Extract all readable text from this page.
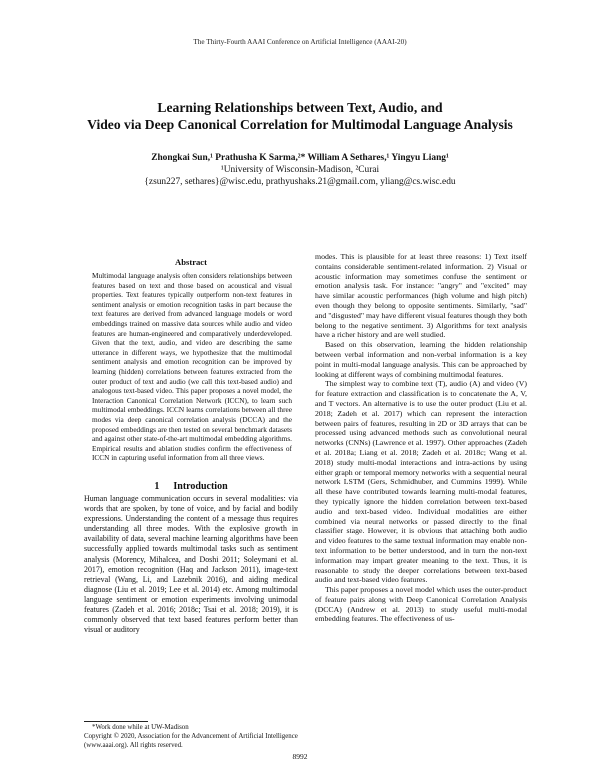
The Thirty-Fourth AAAI Conference on Artificial Intelligence (AAAI-20)

Learning Relationships between Text, Audio, and

Video via Deep Canonical Correlation for Multimodal Language Analysis

Zhongkai Sun,¹ Prathusha K Sarma,²* William A Sethares,¹ Yingyu Liang¹
¹University of Wisconsin-Madison, ²Curai
{zsun227, sethares}@wisc.edu, prathyushaks.21@gmail.com, yliang@cs.wisc.edu
Abstract
Multimodal language analysis often considers relationships between features based on text and those based on acoustical and visual properties. Text features typically outperform non-text features in sentiment analysis or emotion recognition tasks in part because the text features are derived from advanced language models or word embeddings trained on massive data sources while audio and video features are human-engineered and comparatively underdeveloped. Given that the text, audio, and video are describing the same utterance in different ways, we hypothesize that the multimodal sentiment analysis and emotion recognition can be improved by learning (hidden) correlations between features extracted from the outer product of text and audio (we call this text-based audio) and analogous text-based video. This paper proposes a novel model, the Interaction Canonical Correlation Network (ICCN), to learn such multimodal embeddings. ICCN learns correlations between all three modes via deep canonical correlation analysis (DCCA) and the proposed embeddings are then tested on several benchmark datasets and against other state-of-the-art multimodal embedding algorithms. Empirical results and ablation studies confirm the effectiveness of ICCN in capturing useful information from all three views.
1 Introduction
Human language communication occurs in several modalities: via words that are spoken, by tone of voice, and by facial and bodily expressions. Understanding the content of a message thus requires understanding all three modes. With the explosive growth in availability of data, several machine learning algorithms have been successfully applied towards multimodal tasks such as sentiment analysis (Morency, Mihalcea, and Doshi 2011; Soleymani et al. 2017), emotion recognition (Haq and Jackson 2011), image-text retrieval (Wang, Li, and Lazebnik 2016), and aiding medical diagnose (Liu et al. 2019; Lee et al. 2014) etc. Among multimodal language sentiment or emotion experiments involving unimodal features (Zadeh et al. 2016; 2018c; Tsai et al. 2018; 2019), it is commonly observed that text based features perform better than visual or auditory
*Work done while at UW-Madison
Copyright © 2020, Association for the Advancement of Artificial Intelligence (www.aaai.org). All rights reserved.

modes. This is plausible for at least three reasons: 1) Text itself contains considerable sentiment-related information. 2) Visual or acoustic information may sometimes confuse the sentiment or emotion analysis task. For instance: "angry" and "excited" may have similar acoustic performances (high volume and high pitch) even though they belong to opposite sentiments. Similarly, "sad" and "disgusted" may have different visual features though they both belong to the negative sentiment. 3) Algorithms for text analysis have a richer history and are well studied.

Based on this observation, learning the hidden relationship between verbal information and non-verbal information is a key point in multi-modal language analysis. This can be approached by looking at different ways of combining multimodal features.

The simplest way to combine text (T), audio (A) and video (V) for feature extraction and classification is to concatenate the A, V, and T vectors. An alternative is to use the outer product (Liu et al. 2018; Zadeh et al. 2017) which can represent the interaction between pairs of features, resulting in 2D or 3D arrays that can be processed using advanced methods such as convolutional neural networks (CNNs) (Lawrence et al. 1997). Other approaches (Zadeh et al. 2018a; Liang et al. 2018; Zadeh et al. 2018c; Wang et al. 2018) study multi-modal interactions and intra-actions by using either graph or temporal memory networks with a sequential neural network LSTM (Gers, Schmidhuber, and Cummins 1999). While all these have contributed towards learning multi-modal features, they typically ignore the hidden correlation between text-based audio and text-based video. Individual modalities are either combined via neural networks or passed directly to the final classifier stage. However, it is obvious that attaching both audio and video features to the same textual information may enable non-text information to be better understood, and in turn the non-text information may impart greater meaning to the text. Thus, it is reasonable to study the deeper correlations between text-based audio and text-based video features.

This paper proposes a novel model which uses the outer-product of feature pairs along with Deep Canonical Correlation Analysis (DCCA) (Andrew et al. 2013) to study useful multi-modal embedding features. The effectiveness of us-

8992
